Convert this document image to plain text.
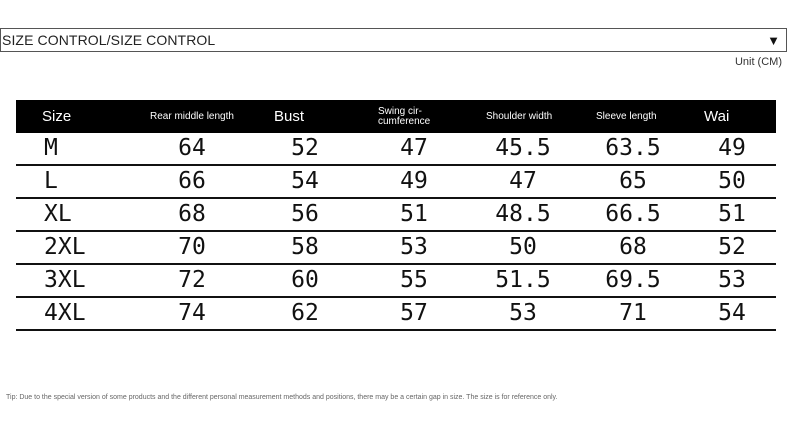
SIZE CONTROL/SIZE CONTROL	▼
Unit (CM)
Size	Rear middle length	Bust	Swing cir-cumference	Shoulder width	Sleeve length	Wai
M	64	52	47	45.5	63.5	49
L	66	54	49	47	65	50
XL	68	56	51	48.5	66.5	51
2XL	70	58	53	50	68	52
3XL	72	60	55	51.5	69.5	53
4XL	74	62	57	53	71	54
Tip: Due to the special version of some products and the different personal measurement methods and positions, there may be a certain gap in size. The size is for reference only.
